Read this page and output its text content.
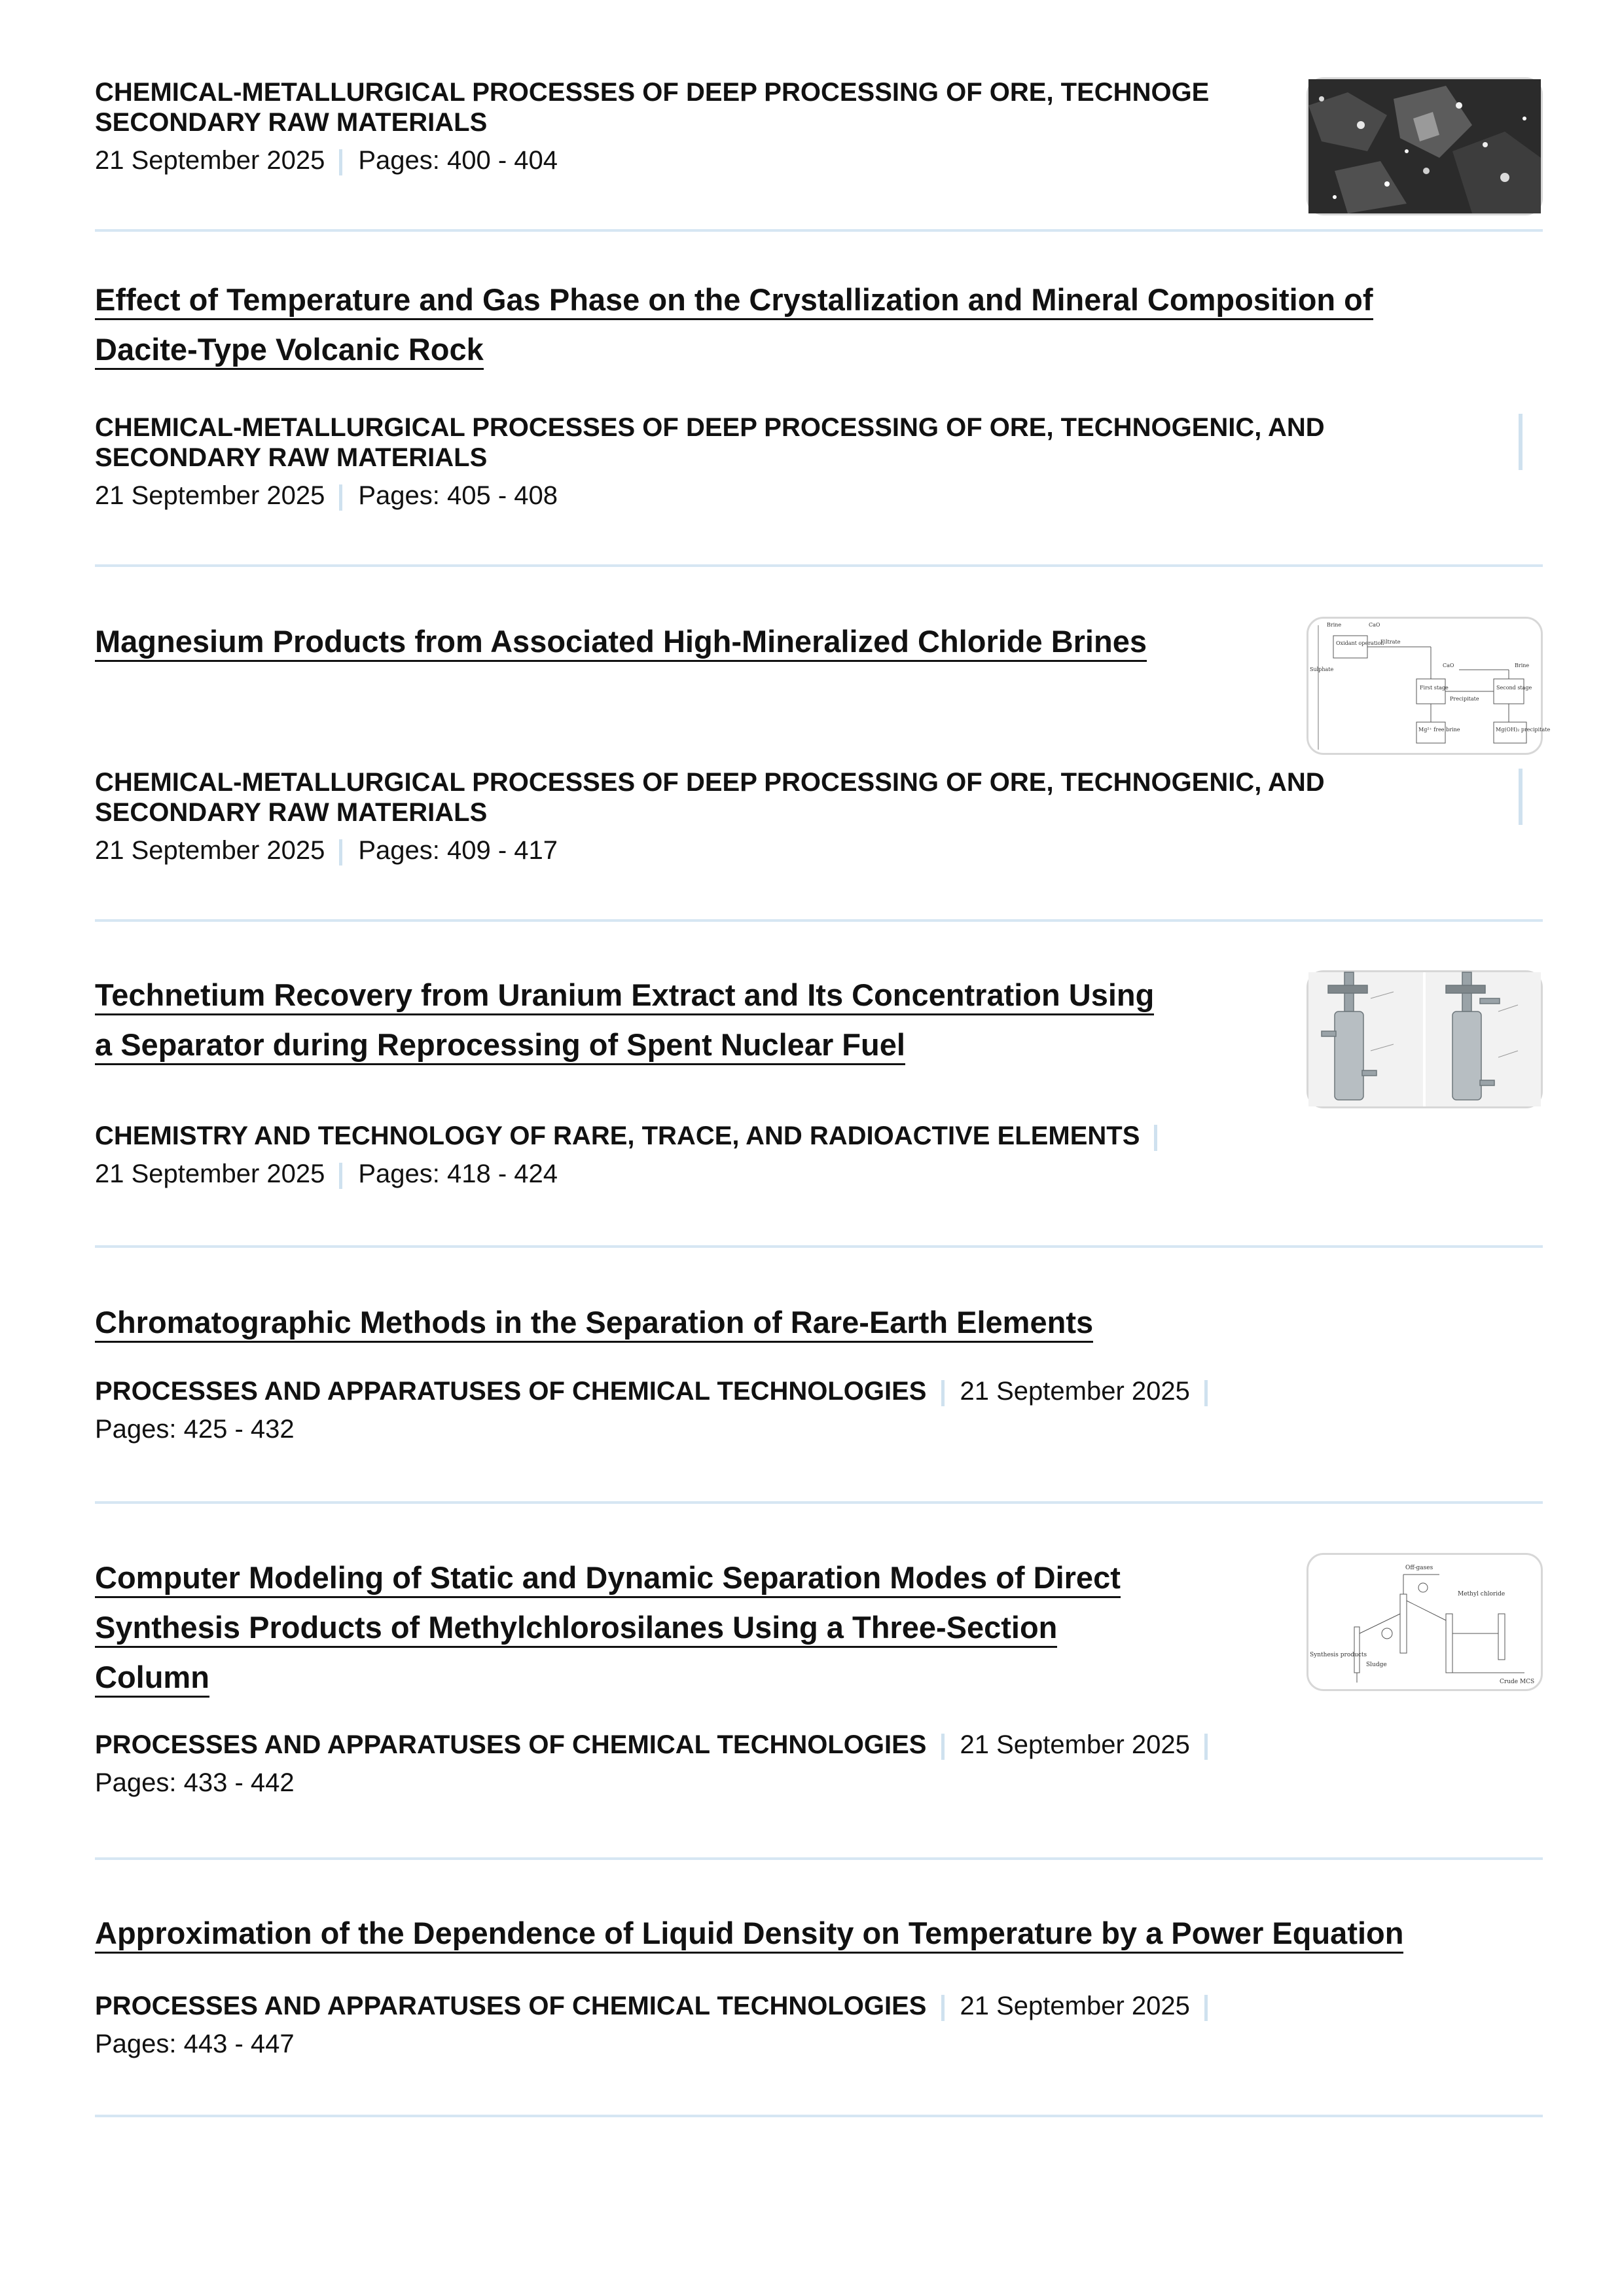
CHEMICAL-METALLURGICAL PROCESSES OF DEEP PROCESSING OF ORE, TECHNOGE
SECONDARY RAW MATERIALS
21 September 2025 Pages: 400 - 404
Effect of Temperature and Gas Phase on the Crystallization and Mineral Composition of
Dacite-Type Volcanic Rock
CHEMICAL-METALLURGICAL PROCESSES OF DEEP PROCESSING OF ORE, TECHNOGENIC, AND
SECONDARY RAW MATERIALS
21 September 2025 Pages: 405 - 408
Magnesium Products from Associated High-Mineralized Chloride Brines
CHEMICAL-METALLURGICAL PROCESSES OF DEEP PROCESSING OF ORE, TECHNOGENIC, AND
SECONDARY RAW MATERIALS
21 September 2025 Pages: 409 - 417
Brine	CaO
Oxidant operation
Filtrate
CaO	Brine
Sulphate
First stage	Second stage
Precipitate
Mg²⁺ free brine	Mg(OH)₂ precipitate
Technetium Recovery from Uranium Extract and Its Concentration Using
a Separator during Reprocessing of Spent Nuclear Fuel
CHEMISTRY AND TECHNOLOGY OF RARE, TRACE, AND RADIOACTIVE ELEMENTS
21 September 2025 Pages: 418 - 424
Chromatographic Methods in the Separation of Rare-Earth Elements
PROCESSES AND APPARATUSES OF CHEMICAL TECHNOLOGIES 21 September 2025
Pages: 425 - 432
Computer Modeling of Static and Dynamic Separation Modes of Direct
Synthesis Products of Methylchlorosilanes Using a Three-Section
Column
PROCESSES AND APPARATUSES OF CHEMICAL TECHNOLOGIES 21 September 2025
Pages: 433 - 442
Off-gases
Methyl chloride
Synthesis products
Sludge
Crude MCS
Approximation of the Dependence of Liquid Density on Temperature by a Power Equation
PROCESSES AND APPARATUSES OF CHEMICAL TECHNOLOGIES 21 September 2025
Pages: 443 - 447
